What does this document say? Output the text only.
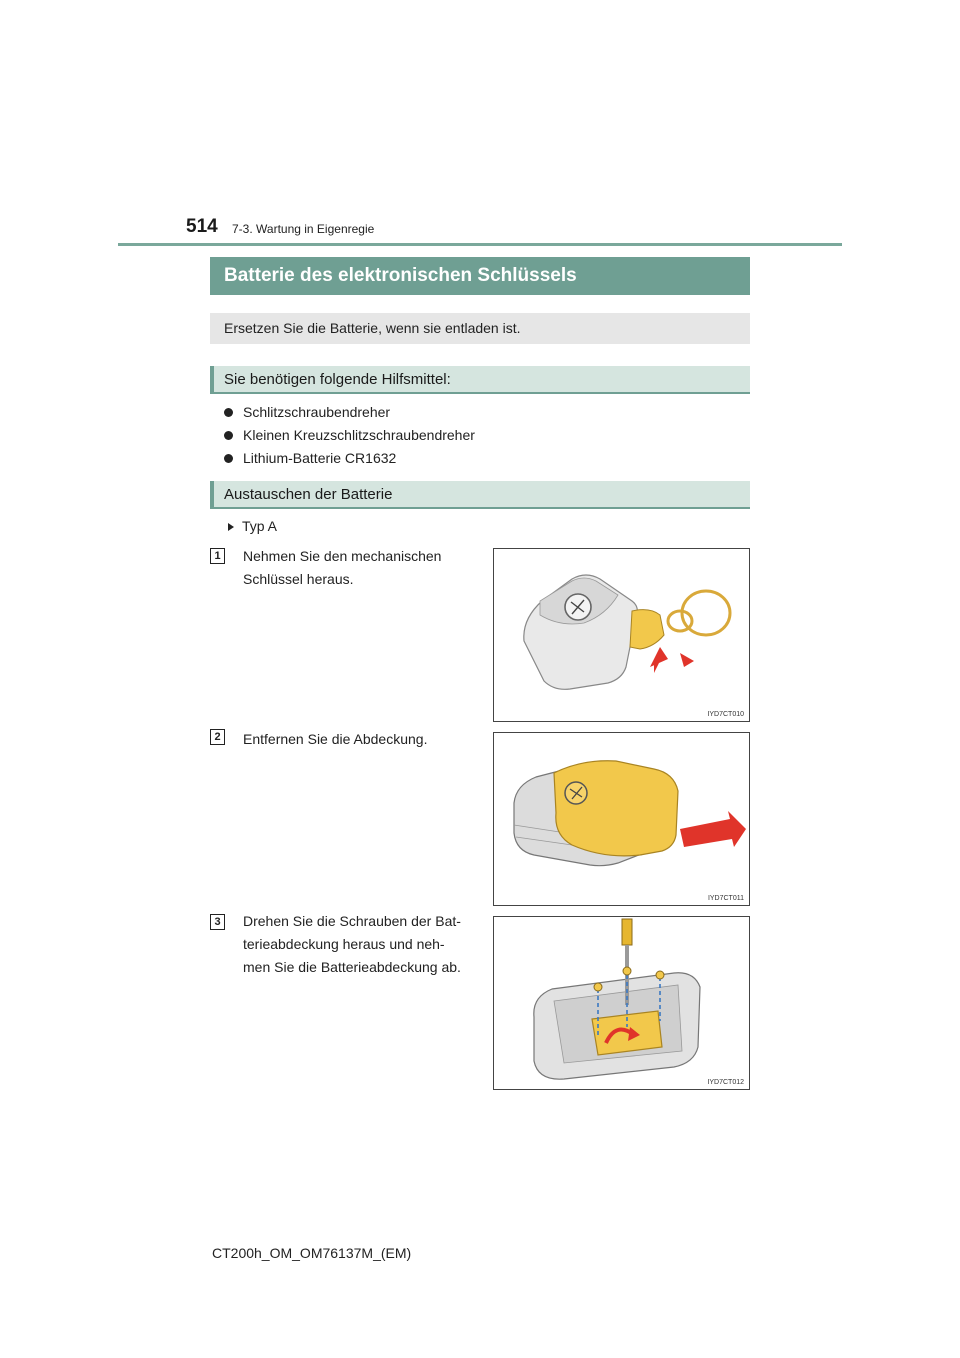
514 7-3. Wartung in Eigenregie
Batterie des elektronischen Schlüssels
Ersetzen Sie die Batterie, wenn sie entladen ist.
Sie benötigen folgende Hilfsmittel:
Schlitzschraubendreher
Kleinen Kreuzschlitzschraubendreher
Lithium-Batterie CR1632
Austauschen der Batterie
Typ A
1	Nehmen Sie den mechanischen
Schlüssel heraus.
IYD7CT010
2	Entfernen Sie die Abdeckung.
IYD7CT011
3	Drehen Sie die Schrauben der Bat-
terieabdeckung heraus und neh-
men Sie die Batterieabdeckung ab.
IYD7CT012
CT200h_OM_OM76137M_(EM)
